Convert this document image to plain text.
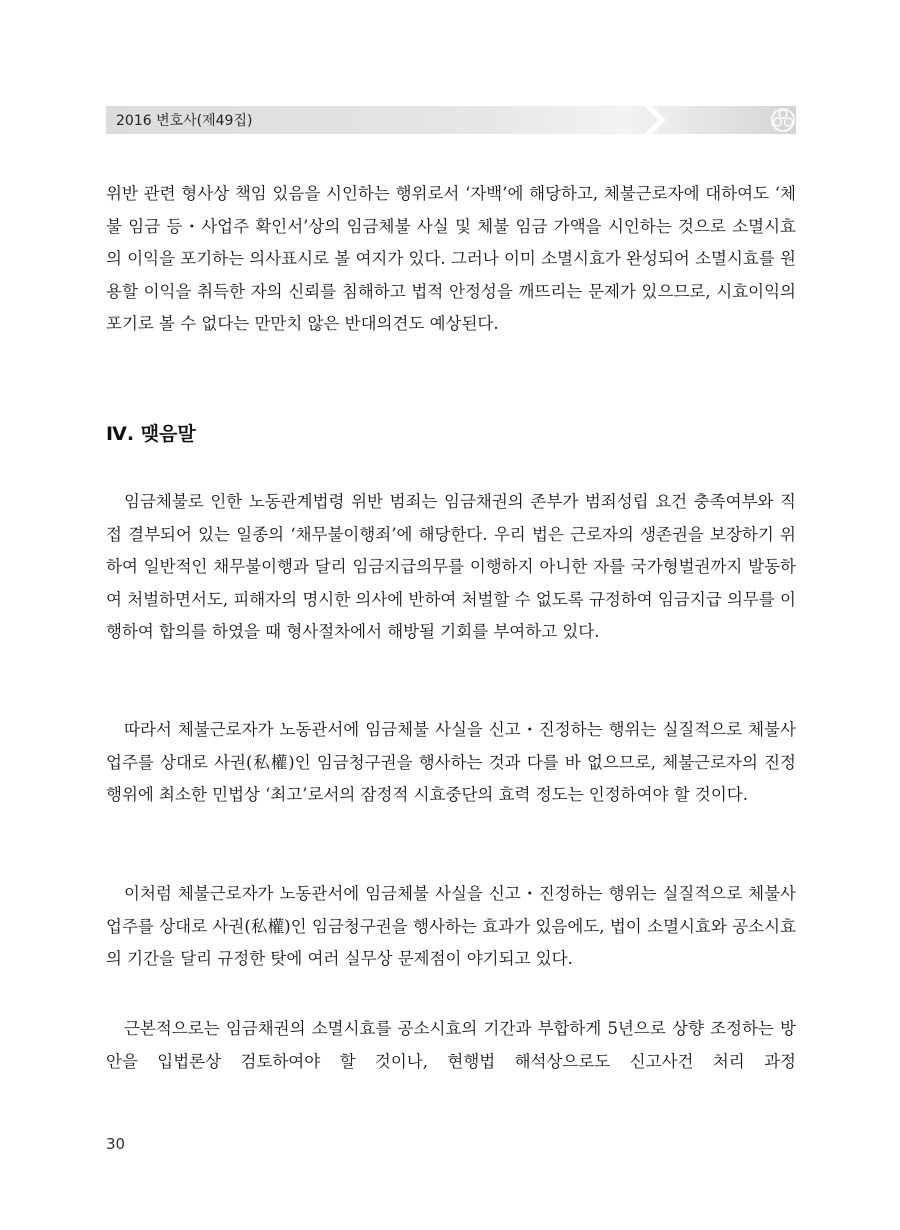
2016 변호사(제49집)

위반 관련 형사상 책임 있음을 시인하는 행위로서 ‘자백’에 해당하고, 체불근로자에 대하여도 ‘체불 임금 등・사업주 확인서’상의 임금체불 사실 및 체불 임금 가액을 시인하는 것으로 소멸시효의 이익을 포기하는 의사표시로 볼 여지가 있다. 그러나 이미 소멸시효가 완성되어 소멸시효를 원용할 이익을 취득한 자의 신뢰를 침해하고 법적 안정성을 깨뜨리는 문제가 있으므로, 시효이익의 포기로 볼 수 없다는 만만치 않은 반대의견도 예상된다.

Ⅳ. 맺음말

임금체불로 인한 노동관계법령 위반 범죄는 임금채권의 존부가 범죄성립 요건 충족여부와 직접 결부되어 있는 일종의 ‘채무불이행죄’에 해당한다. 우리 법은 근로자의 생존권을 보장하기 위하여 일반적인 채무불이행과 달리 임금지급의무를 이행하지 아니한 자를 국가형벌권까지 발동하여 처벌하면서도, 피해자의 명시한 의사에 반하여 처벌할 수 없도록 규정하여 임금지급 의무를 이행하여 합의를 하였을 때 형사절차에서 해방될 기회를 부여하고 있다.

따라서 체불근로자가 노동관서에 임금체불 사실을 신고・진정하는 행위는 실질적으로 체불사업주를 상대로 사권(私權)인 임금청구권을 행사하는 것과 다를 바 없으므로, 체불근로자의 진정행위에 최소한 민법상 ‘최고’로서의 잠정적 시효중단의 효력 정도는 인정하여야 할 것이다.

이처럼 체불근로자가 노동관서에 임금체불 사실을 신고・진정하는 행위는 실질적으로 체불사업주를 상대로 사권(私權)인 임금청구권을 행사하는 효과가 있음에도, 법이 소멸시효와 공소시효의 기간을 달리 규정한 탓에 여러 실무상 문제점이 야기되고 있다.

근본적으로는 임금채권의 소멸시효를 공소시효의 기간과 부합하게 5년으로 상향 조정하는 방안을 입법론상 검토하여야 할 것이나, 현행법 해석상으로도 신고사건 처리 과정

30
